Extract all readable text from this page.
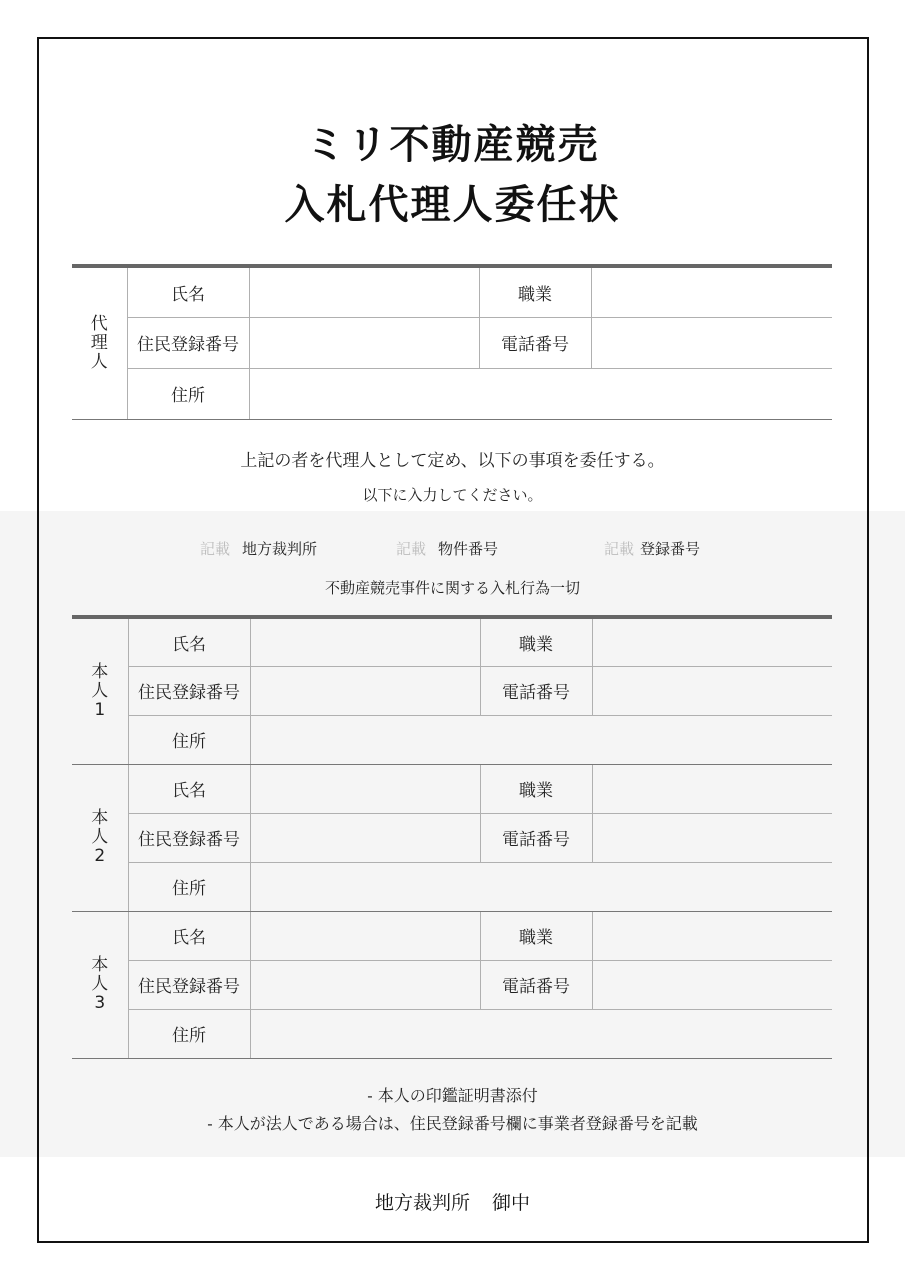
ミリ不動産競売
入札代理人委任状
代
理
人	氏名		職業	
	住民登録番号		電話番号	
	住所			
上記の者を代理人として定め、以下の事項を委任する。
以下に入力してください。
記載 地方裁判所	記載 物件番号	記載 登録番号
不動産競売事件に関する入札行為一切
本
人
1	氏名		職業	
	住民登録番号		電話番号	
	住所			
本
人
2	氏名		職業	
	住民登録番号		電話番号	
	住所			
本
人
3	氏名		職業	
	住民登録番号		電話番号	
	住所			
- 本人の印鑑証明書添付
- 本人が法人である場合は、住民登録番号欄に事業者登録番号を記載
地方裁判所 御中
